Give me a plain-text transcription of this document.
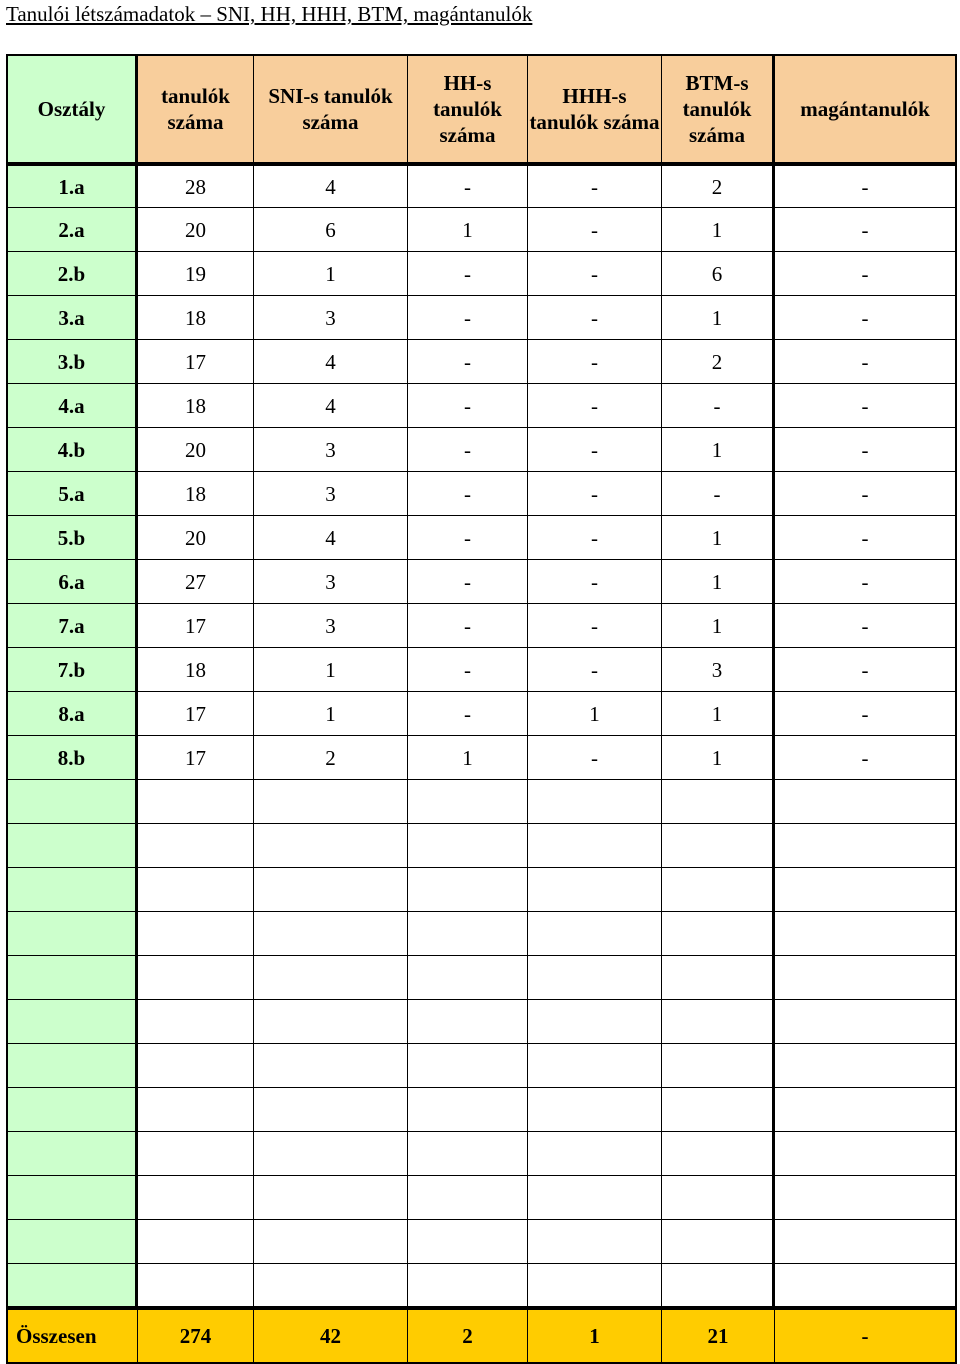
Tanulói létszámadatok – SNI, HH, HHH, BTM, magántanulók
Osztály	tanulók száma	SNI-s tanulók száma	HH-s tanulók száma	HHH-s tanulók száma	BTM-s tanulók száma	magántanulók
1.a	28	4	-	-	2	-
2.a	20	6	1	-	1	-
2.b	19	1	-	-	6	-
3.a	18	3	-	-	1	-
3.b	17	4	-	-	2	-
4.a	18	4	-	-	-	-
4.b	20	3	-	-	1	-
5.a	18	3	-	-	-	-
5.b	20	4	-	-	1	-
6.a	27	3	-	-	1	-
7.a	17	3	-	-	1	-
7.b	18	1	-	-	3	-
8.a	17	1	-	1	1	-
8.b	17	2	1	-	1	-

Összesen	274	42	2	1	21	-
